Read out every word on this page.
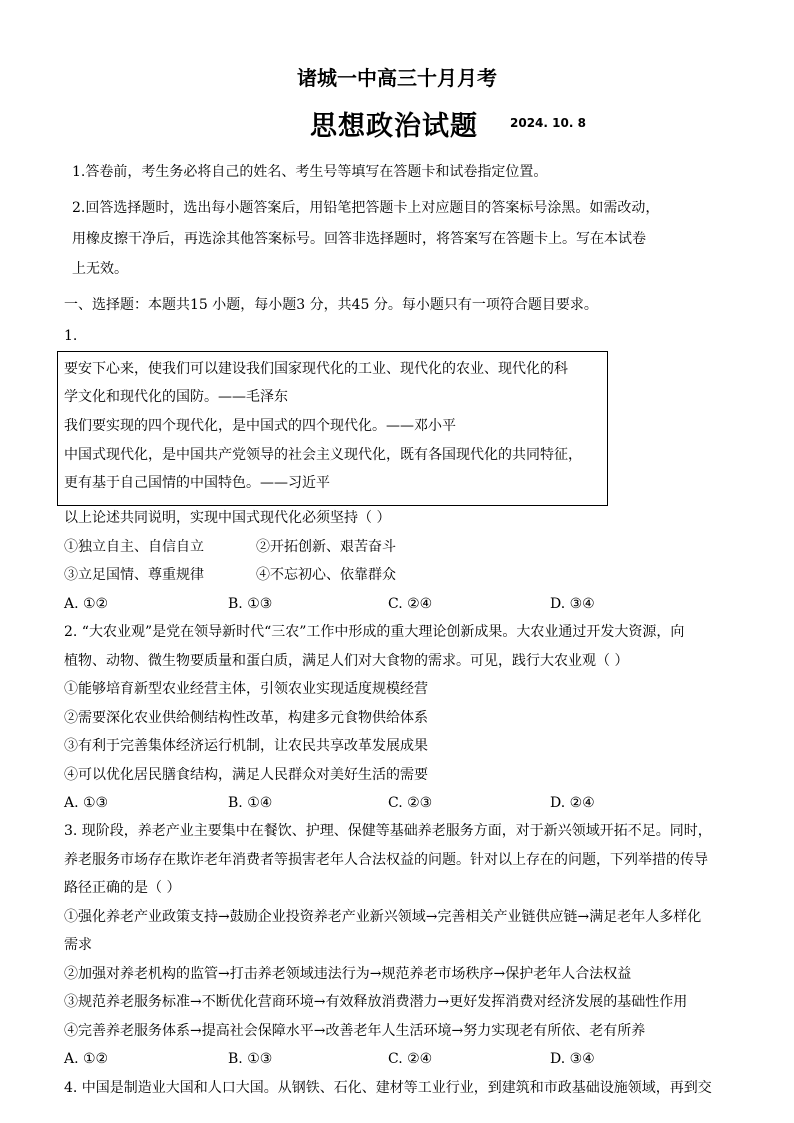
诸城一中高三十月月考
思想政治试题	2024. 10. 8
1.答卷前，考生务必将自己的姓名、考生号等填写在答题卡和试卷指定位置。
2.回答选择题时，选出每小题答案后，用铅笔把答题卡上对应题目的答案标号涂黑。如需改动，
用橡皮擦干净后，再选涂其他答案标号。回答非选择题时，将答案写在答题卡上。写在本试卷
上无效。
一、选择题：本题共15 小题，每小题3 分，共45 分。每小题只有一项符合题目要求。
1.
要安下心来，使我们可以建设我们国家现代化的工业、现代化的农业、现代化的科
学文化和现代化的国防。——毛泽东
我们要实现的四个现代化，是中国式的四个现代化。——邓小平
中国式现代化，是中国共产党领导的社会主义现代化，既有各国现代化的共同特征，
更有基于自己国情的中国特色。——习近平
以上论述共同说明，实现中国式现代化必须坚持（ ）
①独立自主、自信自立	②开拓创新、艰苦奋斗
③立足国情、尊重规律	④不忘初心、依靠群众
A. ①②	B. ①③	C. ②④	D. ③④
2. “大农业观”是党在领导新时代“三农”工作中形成的重大理论创新成果。大农业通过开发大资源，向
植物、动物、微生物要质量和蛋白质，满足人们对大食物的需求。可见，践行大农业观（ ）
①能够培育新型农业经营主体，引领农业实现适度规模经营
②需要深化农业供给侧结构性改革，构建多元食物供给体系
③有利于完善集体经济运行机制，让农民共享改革发展成果
④可以优化居民膳食结构，满足人民群众对美好生活的需要
A. ①③	B. ①④	C. ②③	D. ②④
3. 现阶段，养老产业主要集中在餐饮、护理、保健等基础养老服务方面，对于新兴领域开拓不足。同时，
养老服务市场存在欺诈老年消费者等损害老年人合法权益的问题。针对以上存在的问题，下列举措的传导
路径正确的是（ ）
①强化养老产业政策支持→鼓励企业投资养老产业新兴领域→完善相关产业链供应链→满足老年人多样化
需求
②加强对养老机构的监管→打击养老领域违法行为→规范养老市场秩序→保护老年人合法权益
③规范养老服务标准→不断优化营商环境→有效释放消费潜力→更好发挥消费对经济发展的基础性作用
④完善养老服务体系→提高社会保障水平→改善老年人生活环境→努力实现老有所依、老有所养
A. ①②	B. ①③	C. ②④	D. ③④
4. 中国是制造业大国和人口大国。从钢铁、石化、建材等工业行业，到建筑和市政基础设施领域，再到交
